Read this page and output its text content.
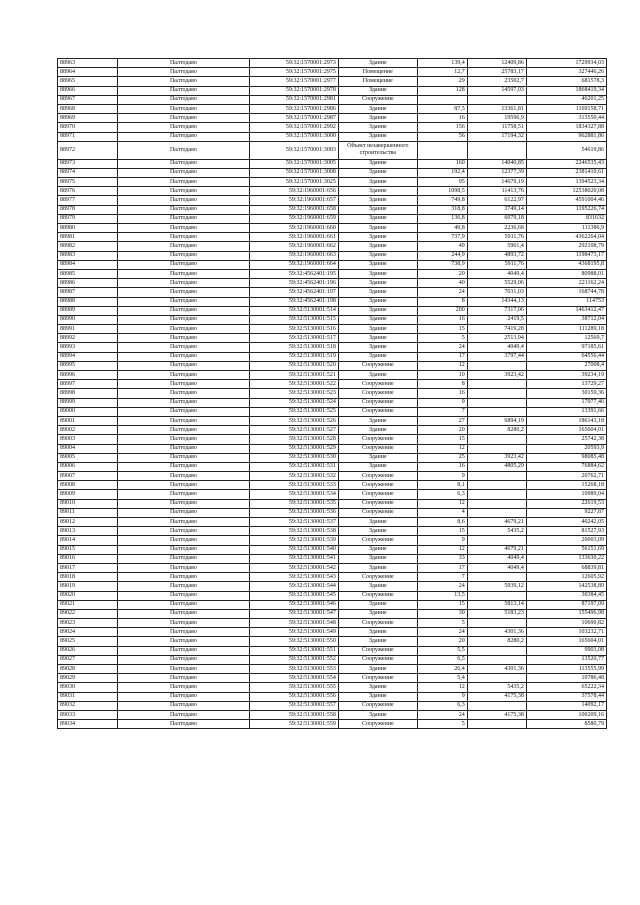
88963	Палтодаво	59:32:1570001:2973	Здание	139,4	12409,86	1729934,03
88964	Палтодаво	59:32:1570001:2975	Помещение	12,7	25783,17	327446,26
88965	Палтодаво	59:32:1570001:2977	Помещение	29	23502,7	681578,3
88966	Палтодаво	59:32:1570001:2978	Здание	128	14597,03	1868419,34
88967	Палтодаво	59:32:1570001:2981	Сооружение			46201,25
88968	Палтодаво	59:32:1570001:2986	Здание	87,5	13361,81	1169158,71
88969	Палтодаво	59:32:1570001:2987	Здание	16	19596,9	313550,44
88970	Палтодаво	59:32:1570001:2992	Здание	156	11758,51	1834327,88
88971	Палтодаво	59:32:1570001:3000	Здание	56	17194,32	962881,86
88972	Палтодаво	59:32:1570001:3003	Объект незавершенного строительства			54619,86
88973	Палтодаво	59:32:1570001:3005	Здание	160	14040,85	2246535,43
88974	Палтодаво	59:32:1570001:3008	Здание	192,4	12377,39	2381410,61
88975	Палтодаво	59:32:1570001:3025	Здание	95	14679,19	1394523,34
88976	Палтодаво	59:32:1960001:656	Здание	1098,5	11413,76	12538020,08
88977	Палтодаво	59:32:1960001:657	Здание	749,8	6122,97	4591004,46
88978	Палтодаво	59:32:1960001:658	Здание	318,8	3749,14	1195226,74
88979	Палтодаво	59:32:1960001:659	Здание	136,8	6079,18	831632
88980	Палтодаво	59:32:1960001:660	Здание	49,8	2236,68	111386,9
88981	Палтодаво	59:32:1960001:661	Здание	737,9	5911,76	4362264,04
88982	Палтодаво	59:32:1960001:662	Здание	49	5961,4	292108,79
88983	Палтодаво	59:32:1960001:663	Здание	244,9	4893,72	1198473,17
88984	Палтодаво	59:32:1960001:664	Здание	738,9	5911,76	4368195,8
88985	Палтодаво	59:32:4562401:195	Здание	20	4049,4	80988,01
88986	Палтодаво	59:32:4562401:196	Здание	40	5529,06	221162,24
88987	Палтодаво	59:32:4562401:197	Здание	24	7031,03	168744,78
88988	Палтодаво	59:32:4562401:198	Здание	8	14344,13	114753
88989	Палтодаво	59:32:5130001:514	Здание	200	7317,06	1463412,47
88990	Палтодаво	59:32:5130001:515	Здание	16	2419,5	38712,04
88991	Палтодаво	59:32:5130001:516	Здание	15	7419,28	111289,18
88992	Палтодаво	59:32:5130001:517	Здание	5	2513,94	12569,7
88993	Палтодаво	59:32:5130001:518	Здание	24	4049,4	97185,61
88994	Палтодаво	59:32:5130001:519	Здание	17	3797,44	64556,44
88995	Палтодаво	59:32:5130001:520	Сооружение	12		27008,4
88996	Палтодаво	59:32:5130001:521	Здание	10	3923,42	39234,19
88997	Палтодаво	59:32:5130001:522	Сооружение	8		13729,27
88998	Палтодаво	59:32:5130001:523	Сооружение	16		30159,36
88999	Палтодаво	59:32:5130001:524	Сооружение	9		17977,46
89000	Палтодаво	59:32:5130001:525	Сооружение	7		13391,66
89001	Палтодаво	59:32:5130001:526	Здание	27	6894,19	186143,18
89002	Палтодаво	59:32:5130001:527	Здание	20	8280,2	165604,01
89003	Палтодаво	59:32:5130001:528	Сооружение	15		25742,38
89004	Палтодаво	59:32:5130001:529	Сооружение	12		20593,9
89005	Палтодаво	59:32:5130001:530	Здание	25	3923,42	98085,48
89006	Палтодаво	59:32:5130001:531	Здание	16	4805,29	76884,62
89007	Палтодаво	59:32:5130001:532	Сооружение	9		20762,71
89008	Палтодаво	59:32:5130001:533	Сооружение	8,1		15268,18
89009	Палтодаво	59:32:5130001:534	Сооружение	6,3		10989,04
89010	Палтодаво	59:32:5130001:535	Сооружение	12		22619,53
89011	Палтодаво	59:32:5130001:536	Сооружение	4		9227,87
89012	Палтодаво	59:32:5130001:537	Здание	8,6	4679,21	40242,05
89013	Палтодаво	59:32:5130001:538	Здание	15	5435,2	81527,93
89014	Палтодаво	59:32:5130001:539	Сооружение	9		20003,09
89015	Палтодаво	59:32:5130001:540	Здание	12	4679,21	56151,69
89016	Палтодаво	59:32:5130001:541	Здание	33	4049,4	133630,22
89017	Палтодаво	59:32:5130001:542	Здание	17	4049,4	68839,81
89018	Палтодаво	59:32:5130001:543	Сооружение	7		12605,92
89019	Палтодаво	59:32:5130001:544	Здание	24	5939,12	142538,89
89020	Палтодаво	59:32:5130001:545	Сооружение	13,5		30384,45
89021	Палтодаво	59:32:5130001:546	Здание	15	5813,14	87197,09
89022	Палтодаво	59:32:5130001:547	Здание	30	5183,23	155496,98
89023	Палтодаво	59:32:5130001:548	Сооружение	5		10690,82
89024	Палтодаво	59:32:5130001:549	Здание	24	4301,36	103232,71
89025	Палтодаво	59:32:5130001:550	Здание	20	8280,2	165604,01
89026	Палтодаво	59:32:5130001:551	Сооружение	5,5		9903,08
89027	Палтодаво	59:32:5130001:552	Сооружение	6,5		13520,77
89028	Палтодаво	59:32:5130001:553	Здание	26,4	4301,36	113555,99
89029	Палтодаво	59:32:5130001:554	Сооружение	5,4		10786,48
89030	Палтодаво	59:32:5130001:555	Здание	12	5435,2	65222,34
89031	Палтодаво	59:32:5130001:556	Здание	9	4175,38	37578,44
89032	Палтодаво	59:32:5130001:557	Сооружение	6,3		14092,17
89033	Палтодаво	59:32:5130001:558	Здание	24	4175,38	100209,16
89034	Палтодаво	59:32:5130001:559	Сооружение	5		8580,79
